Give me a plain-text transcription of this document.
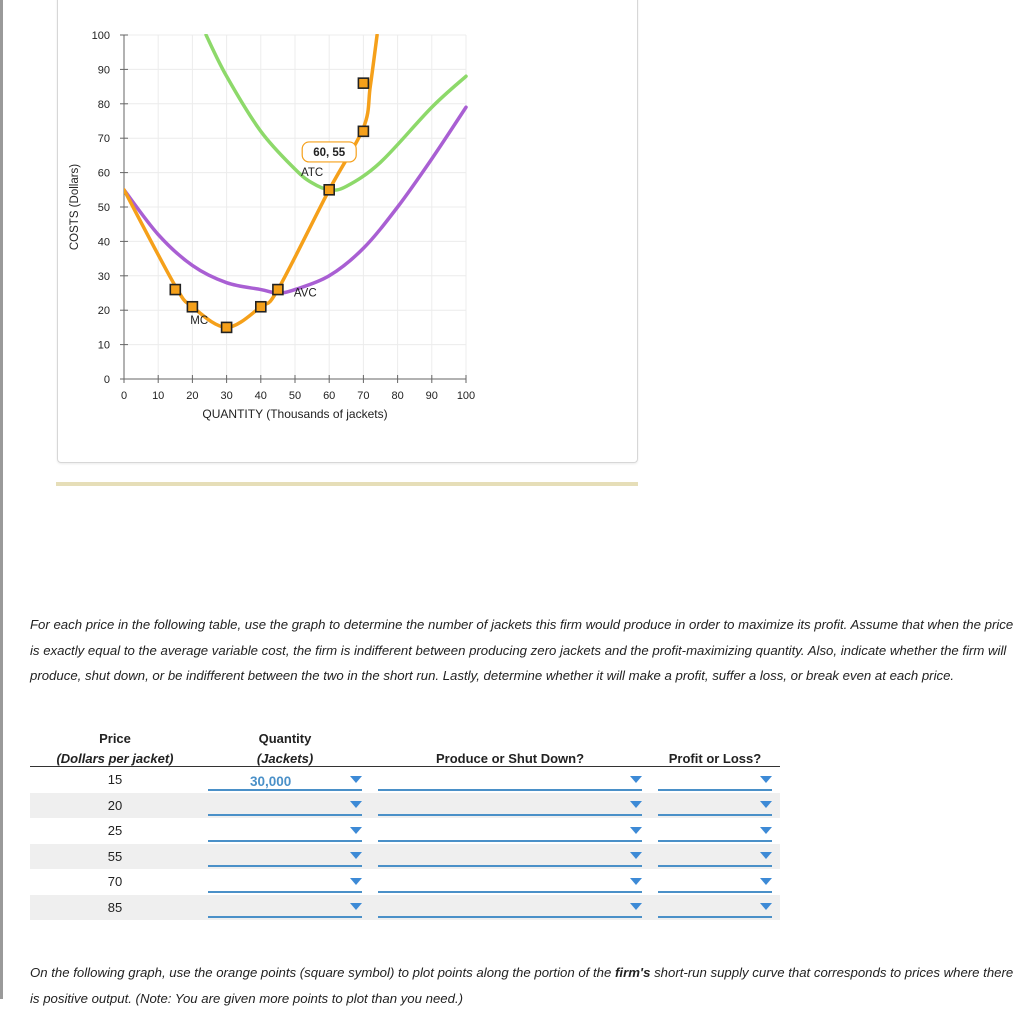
0
10
20
30
40
50
60
70
80
90
100
0 10 20 30 40 50 60 70 80 90 100
QUANTITY (Thousands of jackets)
COSTS (Dollars)
MC
ATC
AVC
60, 55
For each price in the following table, use the graph to determine the number of jackets this firm would produce in order to maximize its profit. Assume that when the price is exactly equal to the average variable cost, the firm is indifferent between producing zero jackets and the profit-maximizing quantity. Also, indicate whether the firm will produce, shut down, or be indifferent between the two in the short run. Lastly, determine whether it will make a profit, suffer a loss, or break even at each price.
Price	Quantity		
(Dollars per jacket)	(Jackets)	Produce or Shut Down?	Profit or Loss?
15	30,000		

20	

25	

55	

70	

85	

On the following graph, use the orange points (square symbol) to plot points along the portion of the firm's short-run supply curve that corresponds to prices where there is positive output. (Note: You are given more points to plot than you need.)
